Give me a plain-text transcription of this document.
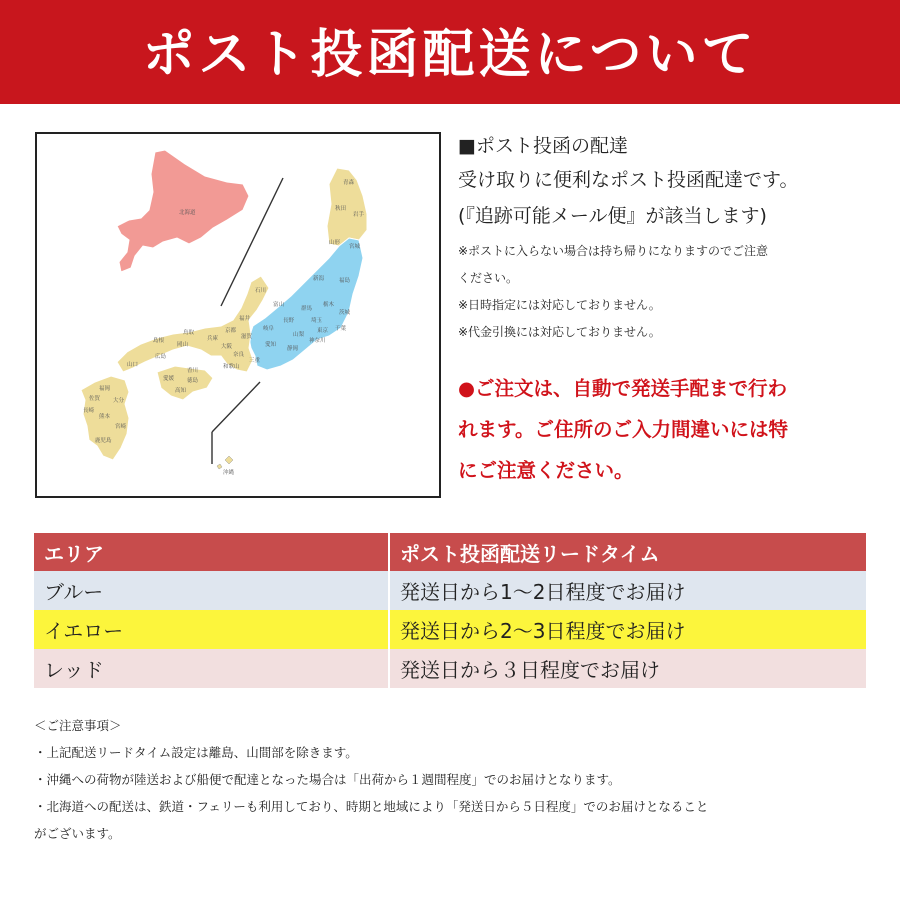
ポスト投函配送について
北海道
青森
秋田
岩手
山形
宮城
新潟	福島
富山
石川
群馬
栃木
茨城
長野
福井
岐阜
埼玉
千葉
東京
神奈川
山梨
静岡
愛知
三重
滋賀
京都
兵庫
大阪
奈良
和歌山
鳥取
岡山
島根
広島
山口
香川
徳島
愛媛
高知
福岡
佐賀
長崎
大分
熊本
宮崎
鹿児島
沖縄
■ポスト投函の配達
受け取りに便利なポスト投函配達です。
(『追跡可能メール便』が該当します)
※ポストに入らない場合は持ち帰りになりますのでご注意
ください。
※日時指定には対応しておりません。
※代金引換には対応しておりません。
●ご注文は、自動で発送手配まで行わ
れます。ご住所のご入力間違いには特
にご注意ください。
エリア	ポスト投函配送リードタイム
ブルー	発送日から1〜2日程度でお届け
イエロー	発送日から2〜3日程度でお届け
レッド	発送日から３日程度でお届け
＜ご注意事項＞
・上記配送リードタイム設定は離島、山間部を除きます。
・沖縄への荷物が陸送および船便で配達となった場合は「出荷から１週間程度」でのお届けとなります。
・北海道への配送は、鉄道・フェリーも利用しており、時期と地域により「発送日から５日程度」でのお届けとなること
がございます。
